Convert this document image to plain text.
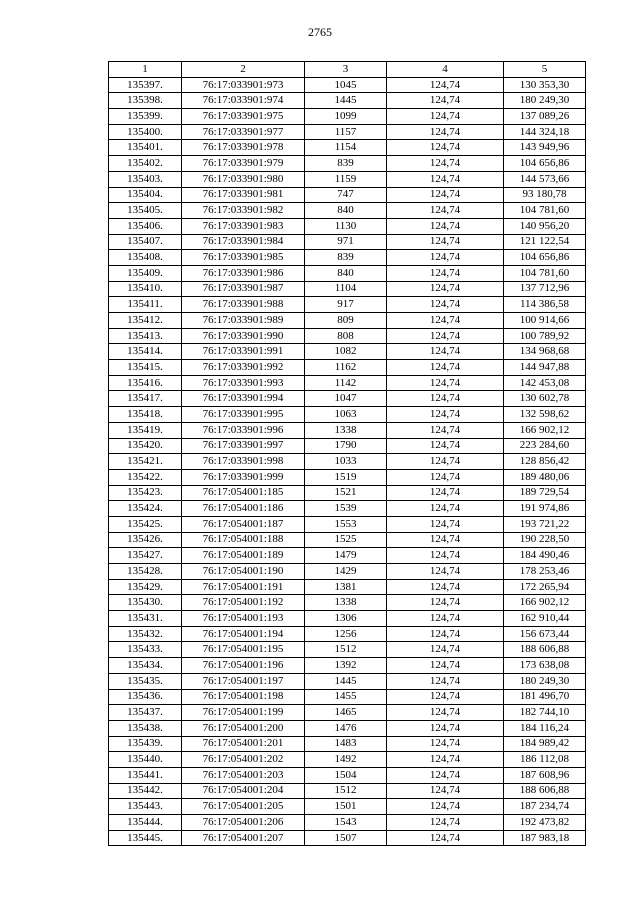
2765
1	2	3	4	5
135397.	76:17:033901:973	1045	124,74	130 353,30
135398.	76:17:033901:974	1445	124,74	180 249,30
135399.	76:17:033901:975	1099	124,74	137 089,26
135400.	76:17:033901:977	1157	124,74	144 324,18
135401.	76:17:033901:978	1154	124,74	143 949,96
135402.	76:17:033901:979	839	124,74	104 656,86
135403.	76:17:033901:980	1159	124,74	144 573,66
135404.	76:17:033901:981	747	124,74	93 180,78
135405.	76:17:033901:982	840	124,74	104 781,60
135406.	76:17:033901:983	1130	124,74	140 956,20
135407.	76:17:033901:984	971	124,74	121 122,54
135408.	76:17:033901:985	839	124,74	104 656,86
135409.	76:17:033901:986	840	124,74	104 781,60
135410.	76:17:033901:987	1104	124,74	137 712,96
135411.	76:17:033901:988	917	124,74	114 386,58
135412.	76:17:033901:989	809	124,74	100 914,66
135413.	76:17:033901:990	808	124,74	100 789,92
135414.	76:17:033901:991	1082	124,74	134 968,68
135415.	76:17:033901:992	1162	124,74	144 947,88
135416.	76:17:033901:993	1142	124,74	142 453,08
135417.	76:17:033901:994	1047	124,74	130 602,78
135418.	76:17:033901:995	1063	124,74	132 598,62
135419.	76:17:033901:996	1338	124,74	166 902,12
135420.	76:17:033901:997	1790	124,74	223 284,60
135421.	76:17:033901:998	1033	124,74	128 856,42
135422.	76:17:033901:999	1519	124,74	189 480,06
135423.	76:17:054001:185	1521	124,74	189 729,54
135424.	76:17:054001:186	1539	124,74	191 974,86
135425.	76:17:054001:187	1553	124,74	193 721,22
135426.	76:17:054001:188	1525	124,74	190 228,50
135427.	76:17:054001:189	1479	124,74	184 490,46
135428.	76:17:054001:190	1429	124,74	178 253,46
135429.	76:17:054001:191	1381	124,74	172 265,94
135430.	76:17:054001:192	1338	124,74	166 902,12
135431.	76:17:054001:193	1306	124,74	162 910,44
135432.	76:17:054001:194	1256	124,74	156 673,44
135433.	76:17:054001:195	1512	124,74	188 606,88
135434.	76:17:054001:196	1392	124,74	173 638,08
135435.	76:17:054001:197	1445	124,74	180 249,30
135436.	76:17:054001:198	1455	124,74	181 496,70
135437.	76:17:054001:199	1465	124,74	182 744,10
135438.	76:17:054001:200	1476	124,74	184 116,24
135439.	76:17:054001:201	1483	124,74	184 989,42
135440.	76:17:054001:202	1492	124,74	186 112,08
135441.	76:17:054001:203	1504	124,74	187 608,96
135442.	76:17:054001:204	1512	124,74	188 606,88
135443.	76:17:054001:205	1501	124,74	187 234,74
135444.	76:17:054001:206	1543	124,74	192 473,82
135445.	76:17:054001:207	1507	124,74	187 983,18
